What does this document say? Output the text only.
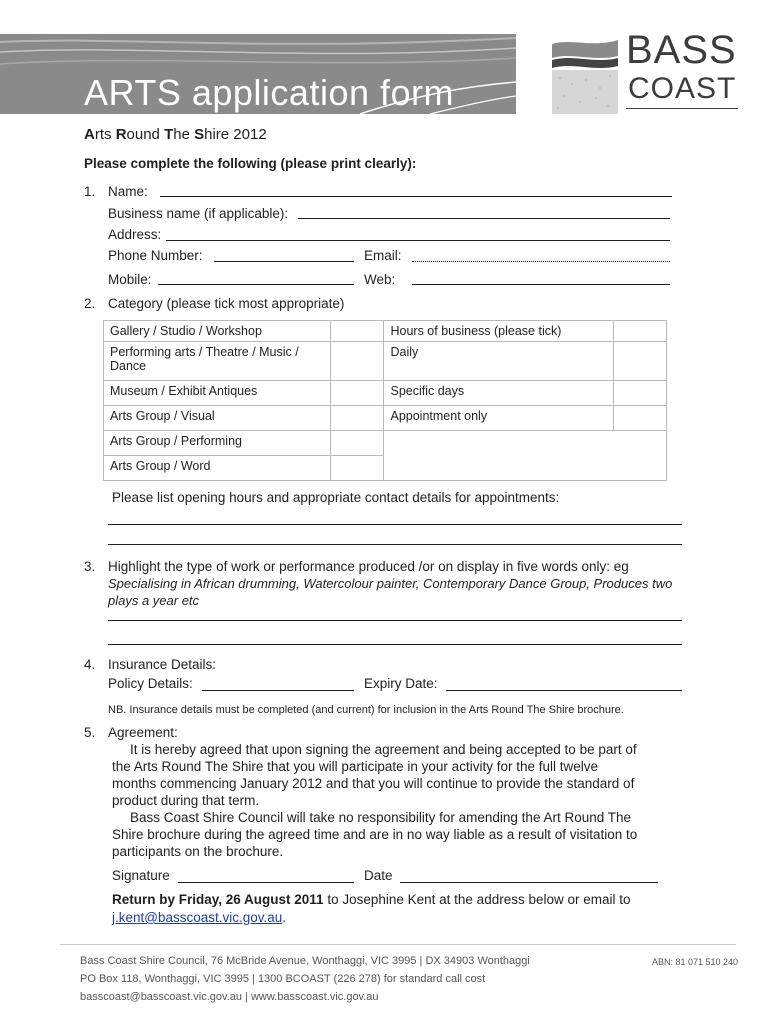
ARTS application form
BASS
COAST
Arts Round The Shire 2012
Please complete the following (please print clearly):
1. Name:
Business name (if applicable):
Address:
Phone Number:	Email:
Mobile:	Web:
2. Category (please tick most appropriate)
Gallery / Studio / Workshop		Hours of business (please tick)	
Performing arts / Theatre / Music / Dance		Daily	
Museum / Exhibit Antiques		Specific days	
Arts Group / Visual		Appointment only	
Arts Group / Performing			
Arts Group / Word			
Please list opening hours and appropriate contact details for appointments:
3. Highlight the type of work or performance produced /or on display in five words only: eg
Specialising in African drumming, Watercolour painter, Contemporary Dance Group, Produces two
plays a year etc
4. Insurance Details:
Policy Details:	Expiry Date:
NB. Insurance details must be completed (and current) for inclusion in the Arts Round The Shire brochure.
5. Agreement:
It is hereby agreed that upon signing the agreement and being accepted to be part of
the Arts Round The Shire that you will participate in your activity for the full twelve
months commencing January 2012 and that you will continue to provide the standard of
product during that term.
Bass Coast Shire Council will take no responsibility for amending the Art Round The
Shire brochure during the agreed time and are in no way liable as a result of visitation to
participants on the brochure.
Signature	Date
Return by Friday, 26 August 2011 to Josephine Kent at the address below or email to
j.kent@basscoast.vic.gov.au.
Bass Coast Shire Council, 76 McBride Avenue, Wonthaggi, VIC 3995 | DX 34903 Wonthaggi
PO Box 118, Wonthaggi, VIC 3995 | 1300 BCOAST (226 278) for standard call cost
basscoast@basscoast.vic.gov.au | www.basscoast.vic.gov.au
ABN: 81 071 510 240
